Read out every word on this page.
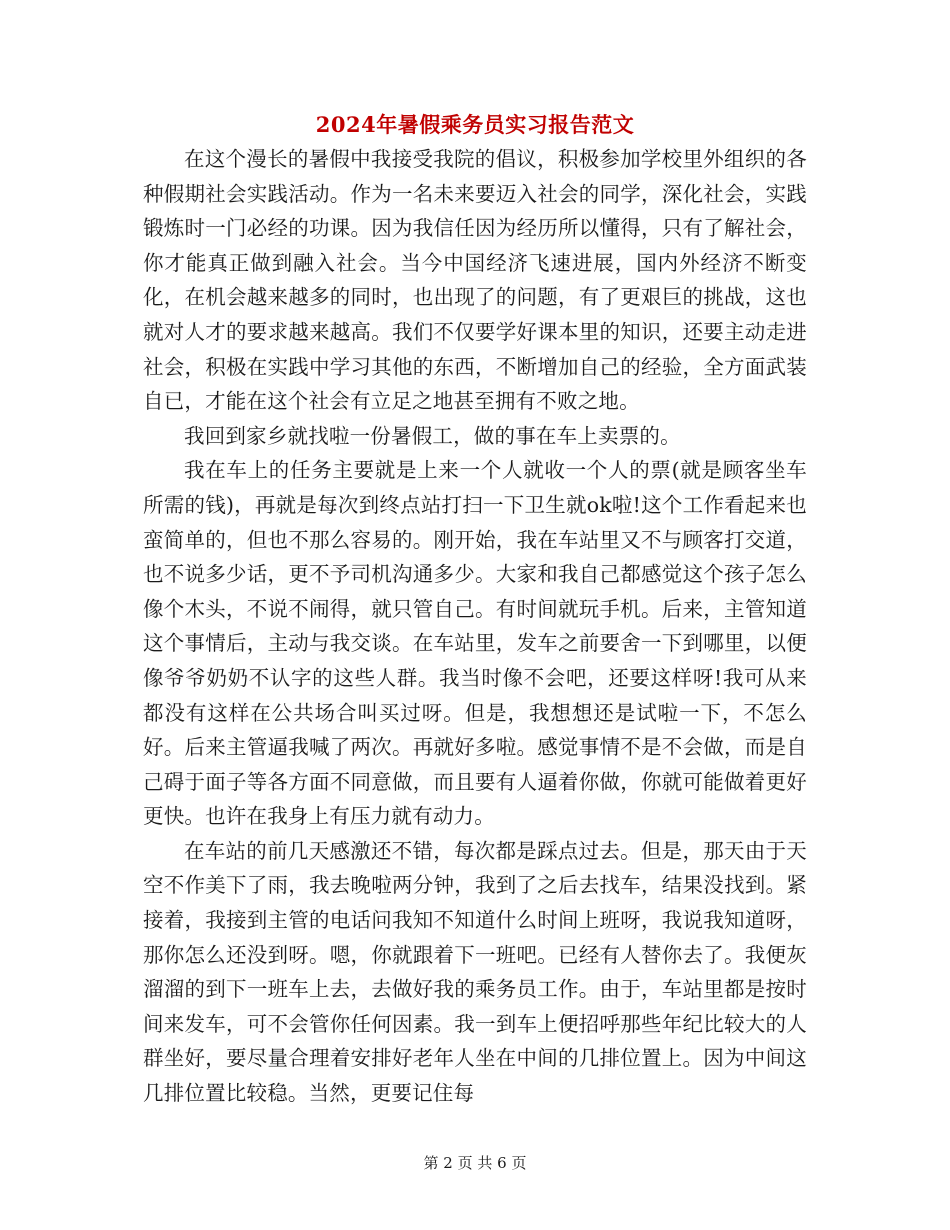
2024年暑假乘务员实习报告范文

在这个漫长的暑假中我接受我院的倡议，积极参加学校里外组织的各种假期社会实践活动。作为一名未来要迈入社会的同学，深化社会，实践锻炼时一门必经的功课。因为我信任因为经历所以懂得，只有了解社会，你才能真正做到融入社会。当今中国经济飞速进展，国内外经济不断变化，在机会越来越多的同时，也出现了的问题，有了更艰巨的挑战，这也就对人才的要求越来越高。我们不仅要学好课本里的知识，还要主动走进社会，积极在实践中学习其他的东西，不断增加自己的经验，全方面武装自已，才能在这个社会有立足之地甚至拥有不败之地。

我回到家乡就找啦一份暑假工，做的事在车上卖票的。

我在车上的任务主要就是上来一个人就收一个人的票(就是顾客坐车所需的钱)，再就是每次到终点站打扫一下卫生就ok啦!这个工作看起来也蛮简单的，但也不那么容易的。刚开始，我在车站里又不与顾客打交道，也不说多少话，更不予司机沟通多少。大家和我自己都感觉这个孩子怎么像个木头，不说不闹得，就只管自己。有时间就玩手机。后来，主管知道这个事情后，主动与我交谈。在车站里，发车之前要舍一下到哪里，以便像爷爷奶奶不认字的这些人群。我当时像不会吧，还要这样呀!我可从来都没有这样在公共场合叫买过呀。但是，我想想还是试啦一下，不怎么好。后来主管逼我喊了两次。再就好多啦。感觉事情不是不会做，而是自己碍于面子等各方面不同意做，而且要有人逼着你做，你就可能做着更好更快。也许在我身上有压力就有动力。

在车站的前几天感激还不错，每次都是踩点过去。但是，那天由于天空不作美下了雨，我去晚啦两分钟，我到了之后去找车，结果没找到。紧接着，我接到主管的电话问我知不知道什么时间上班呀，我说我知道呀，那你怎么还没到呀。嗯，你就跟着下一班吧。已经有人替你去了。我便灰溜溜的到下一班车上去，去做好我的乘务员工作。由于，车站里都是按时间来发车，可不会管你任何因素。我一到车上便招呼那些年纪比较大的人群坐好，要尽量合理着安排好老年人坐在中间的几排位置上。因为中间这几排位置比较稳。当然，更要记住每

第 2 页 共 6 页
